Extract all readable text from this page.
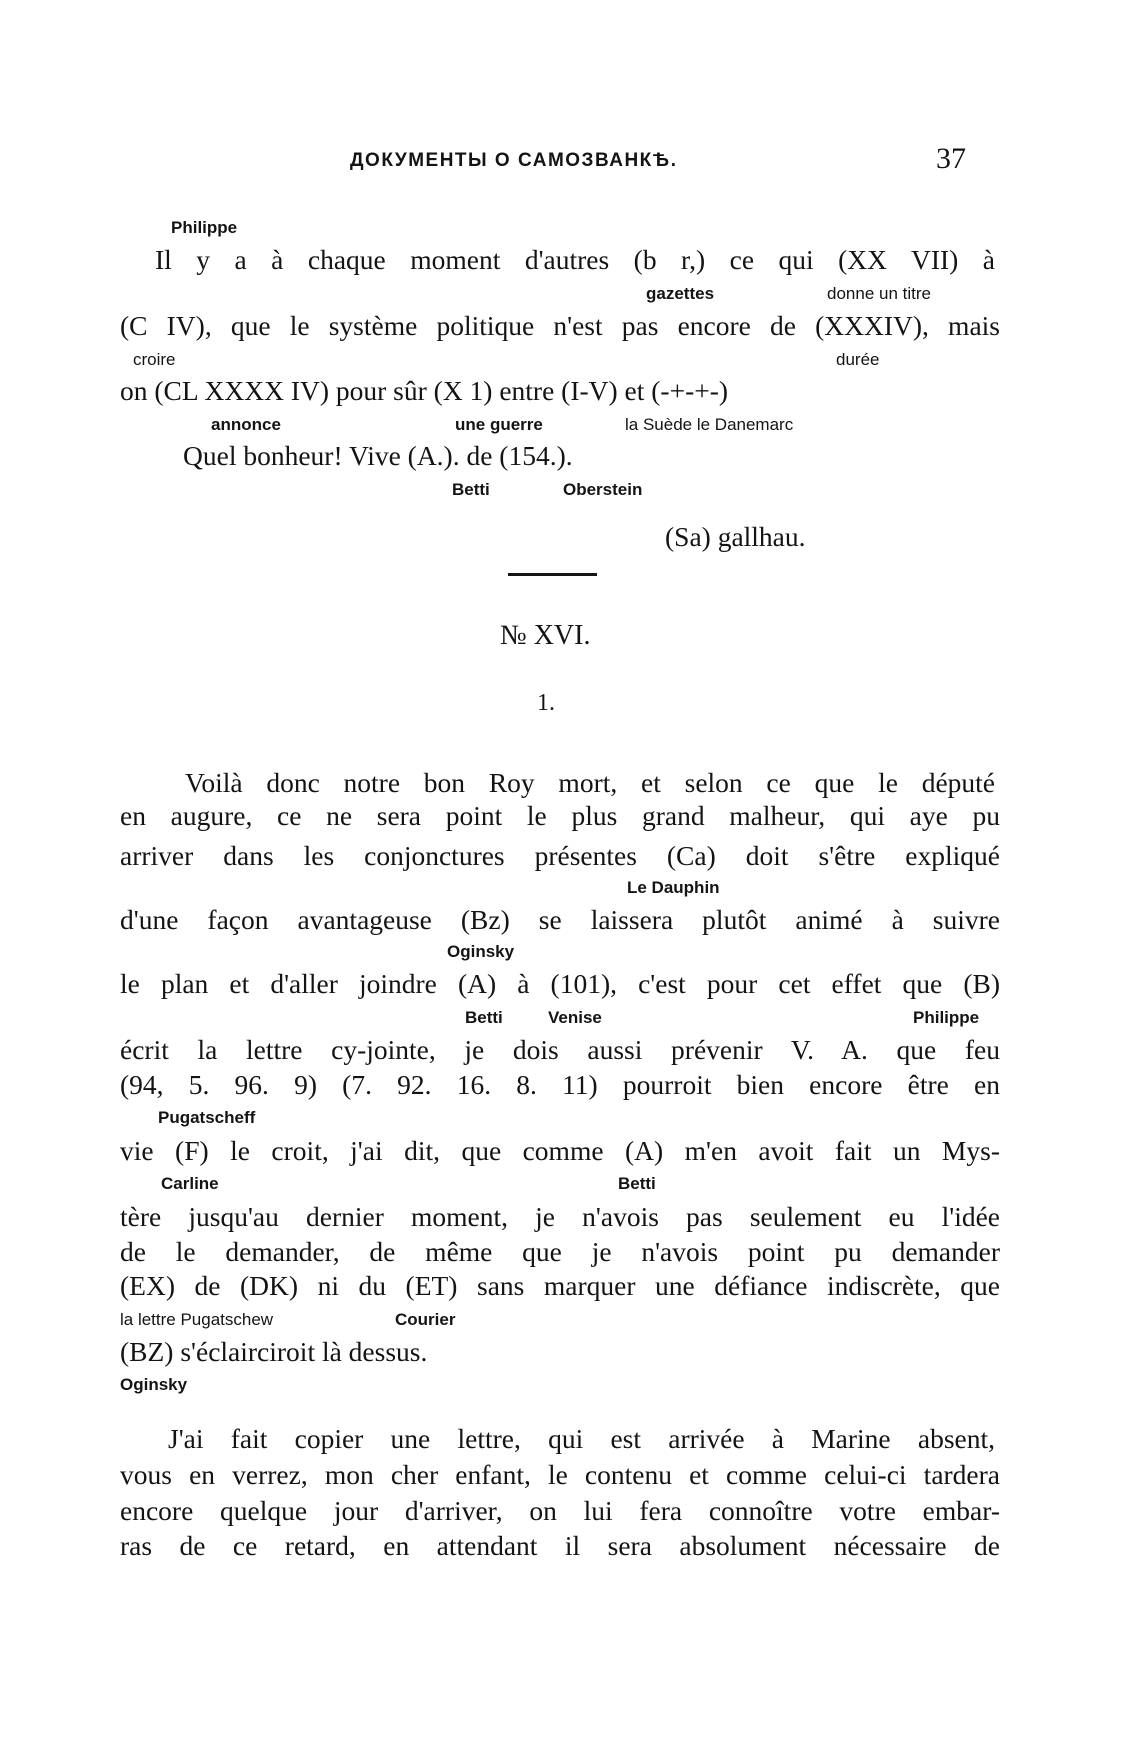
ДОКУМЕНТЫ О САМОЗВАНКѢ.	37
Philippe
Il y a à chaque moment d'autres (b r,) ce qui (XX VII) à
gazettes	donne un titre
(C IV), que le système politique n'est pas encore de (XXXIV), mais
croire	durée
on (CL XXXX IV) pour sûr (X 1) entre (I-V) et (-+-+-)
annonce	une guerre	la Suède le Danemarc
Quel bonheur! Vive (A.). de (154.).
Betti	Oberstein
(Sa) gallhau.
№ XVI.
1.
Voilà donc notre bon Roy mort, et selon ce que le député
en augure, ce ne sera point le plus grand malheur, qui aye pu
arriver dans les conjonctures présentes (Ca) doit s'être expliqué
Le Dauphin
d'une façon avantageuse (Bz) se laissera plutôt animé à suivre
Oginsky
le plan et d'aller joindre (A) à (101), c'est pour cet effet que (B)
Betti	Venise	Philippe
écrit la lettre cy-jointe, je dois aussi prévenir V. A. que feu
(94, 5. 96. 9) (7. 92. 16. 8. 11) pourroit bien encore être en
Pugatscheff
vie (F) le croit, j'ai dit, que comme (A) m'en avoit fait un Mys-
Carline	Betti
tère jusqu'au dernier moment, je n'avois pas seulement eu l'idée
de le demander, de même que je n'avois point pu demander
(EX) de (DK) ni du (ET) sans marquer une défiance indiscrète, que
la lettre Pugatschew	Courier
(BZ) s'éclairciroit là dessus.
Oginsky
J'ai fait copier une lettre, qui est arrivée à Marine absent,
vous en verrez, mon cher enfant, le contenu et comme celui-ci tardera
encore quelque jour d'arriver, on lui fera connoître votre embar-
ras de ce retard, en attendant il sera absolument nécessaire de
